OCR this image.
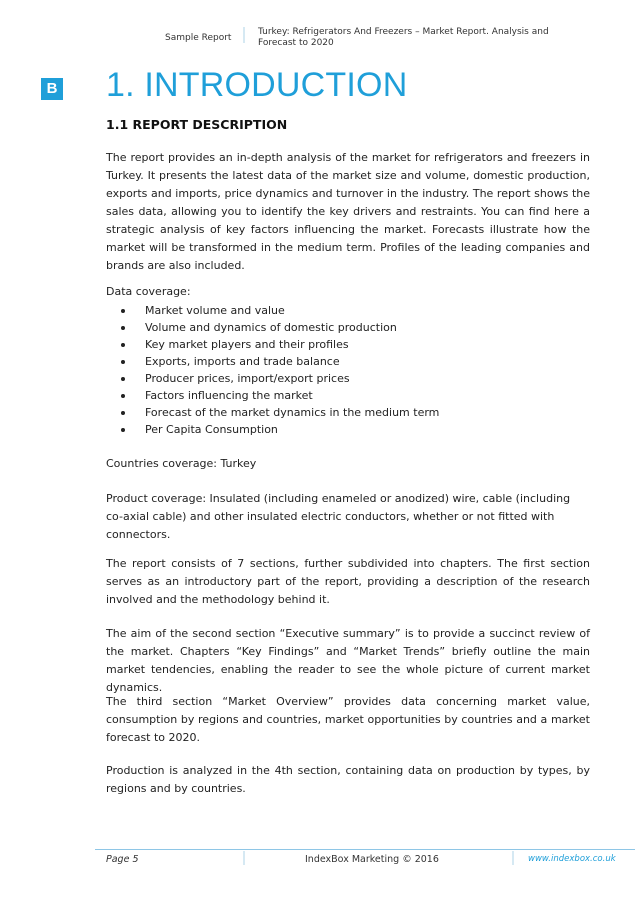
Sample Report
Turkey: Refrigerators And Freezers – Market Report. Analysis and Forecast to 2020
B 1. INTRODUCTION
1.1 REPORT DESCRIPTION
The report provides an in-depth analysis of the market for refrigerators and freezers in Turkey. It presents the latest data of the market size and volume, domestic production, exports and imports, price dynamics and turnover in the industry. The report shows the sales data, allowing you to identify the key drivers and restraints. You can find here a strategic analysis of key factors influencing the market. Forecasts illustrate how the market will be transformed in the medium term. Profiles of the leading companies and brands are also included.
Data coverage:
Market volume and value
Volume and dynamics of domestic production
Key market players and their profiles
Exports, imports and trade balance
Producer prices, import/export prices
Factors influencing the market
Forecast of the market dynamics in the medium term
Per Capita Consumption
Countries coverage: Turkey
Product coverage: Insulated (including enameled or anodized) wire, cable (including co-axial cable) and other insulated electric conductors, whether or not fitted with connectors.
The report consists of 7 sections, further subdivided into chapters. The first section serves as an introductory part of the report, providing a description of the research involved and the methodology behind it.
The aim of the second section “Executive summary” is to provide a succinct review of the market. Chapters “Key Findings” and “Market Trends” briefly outline the main market tendencies, enabling the reader to see the whole picture of current market dynamics.
The third section “Market Overview” provides data concerning market value, consumption by regions and countries, market opportunities by countries and a market forecast to 2020.
Production is analyzed in the 4th section, containing data on production by types, by regions and by countries.
Page 5	IndexBox Marketing © 2016	www.indexbox.co.uk
